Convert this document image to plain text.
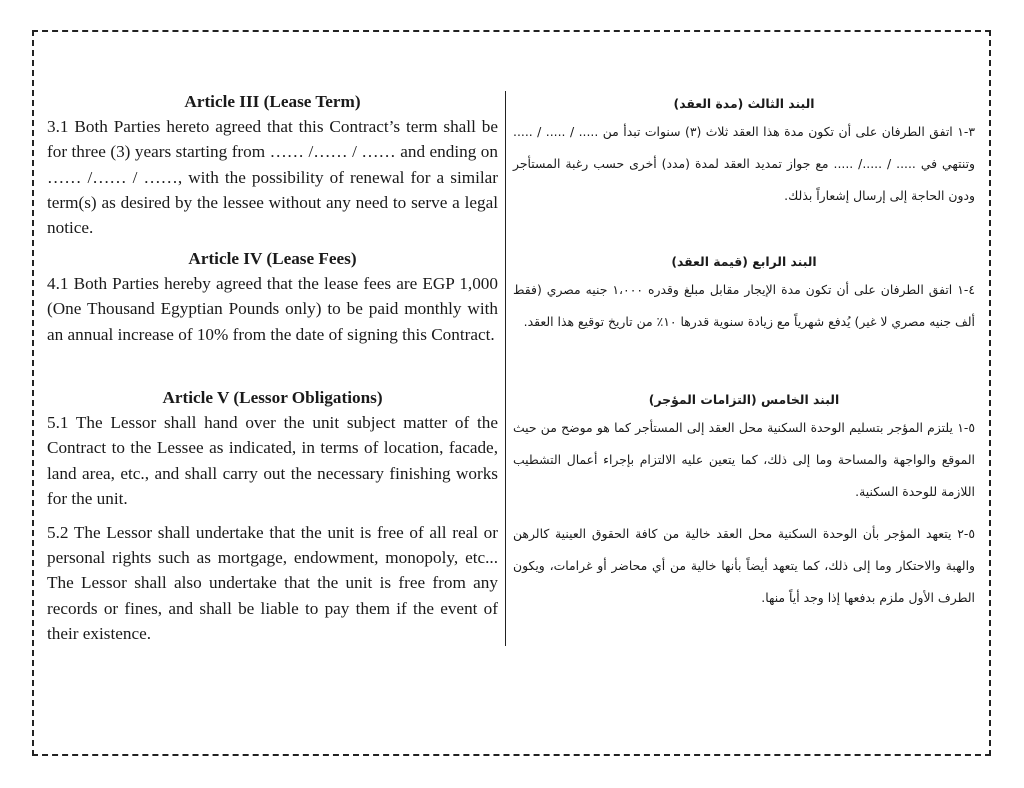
Article III (Lease Term)

3.1 Both Parties hereto agreed that this Contract’s term shall be for three (3) years starting from …… /…… / …… and ending on …… /…… / ……, with the possibility of renewal for a similar term(s) as desired by the lessee without any need to serve a legal notice.

Article IV (Lease Fees)

4.1 Both Parties hereby agreed that the lease fees are EGP 1,000 (One Thousand Egyptian Pounds only) to be paid monthly with an annual increase of 10% from the date of signing this Contract.

Article V (Lessor Obligations)

5.1 The Lessor shall hand over the unit subject matter of the Contract to the Lessee as indicated, in terms of location, facade, land area, etc., and shall carry out the necessary finishing works for the unit.

5.2 The Lessor shall undertake that the unit is free of all real or personal rights such as mortgage, endowment, monopoly, etc... The Lessor shall also undertake that the unit is free from any records or fines, and shall be liable to pay them if the event of their existence.

البند الثالث (مدة العقد)

٣-١ اتفق الطرفان على أن تكون مدة هذا العقد ثلاث (٣) سنوات تبدأ من ..... / ..... / ..... وتنتهي في ..... / ...../ ..... مع جواز تمديد العقد لمدة (مدد) أخرى حسب رغبة المستأجر ودون الحاجة إلى إرسال إشعاراً بذلك.

البند الرابع (قيمة العقد)

٤-١ اتفق الطرفان على أن تكون مدة الإيجار مقابل مبلغ وقدره ١،٠٠٠ جنيه مصري (فقط ألف جنيه مصري لا غير) يُدفع شهرياً مع زيادة سنوية قدرها ١٠٪ من تاريخ توقيع هذا العقد.

البند الخامس (التزامات المؤجر)

٥-١ يلتزم المؤجر بتسليم الوحدة السكنية محل العقد إلى المستأجر كما هو موضح من حيث الموقع والواجهة والمساحة وما إلى ذلك، كما يتعين عليه الالتزام بإجراء أعمال التشطيب اللازمة للوحدة السكنية.

٥-٢ يتعهد المؤجر بأن الوحدة السكنية محل العقد خالية من كافة الحقوق العينية كالرهن والهبة والاحتكار وما إلى ذلك، كما يتعهد أيضاً بأنها خالية من أي محاضر أو غرامات، ويكون الطرف الأول ملزم بدفعها إذا وجد أياً منها.
